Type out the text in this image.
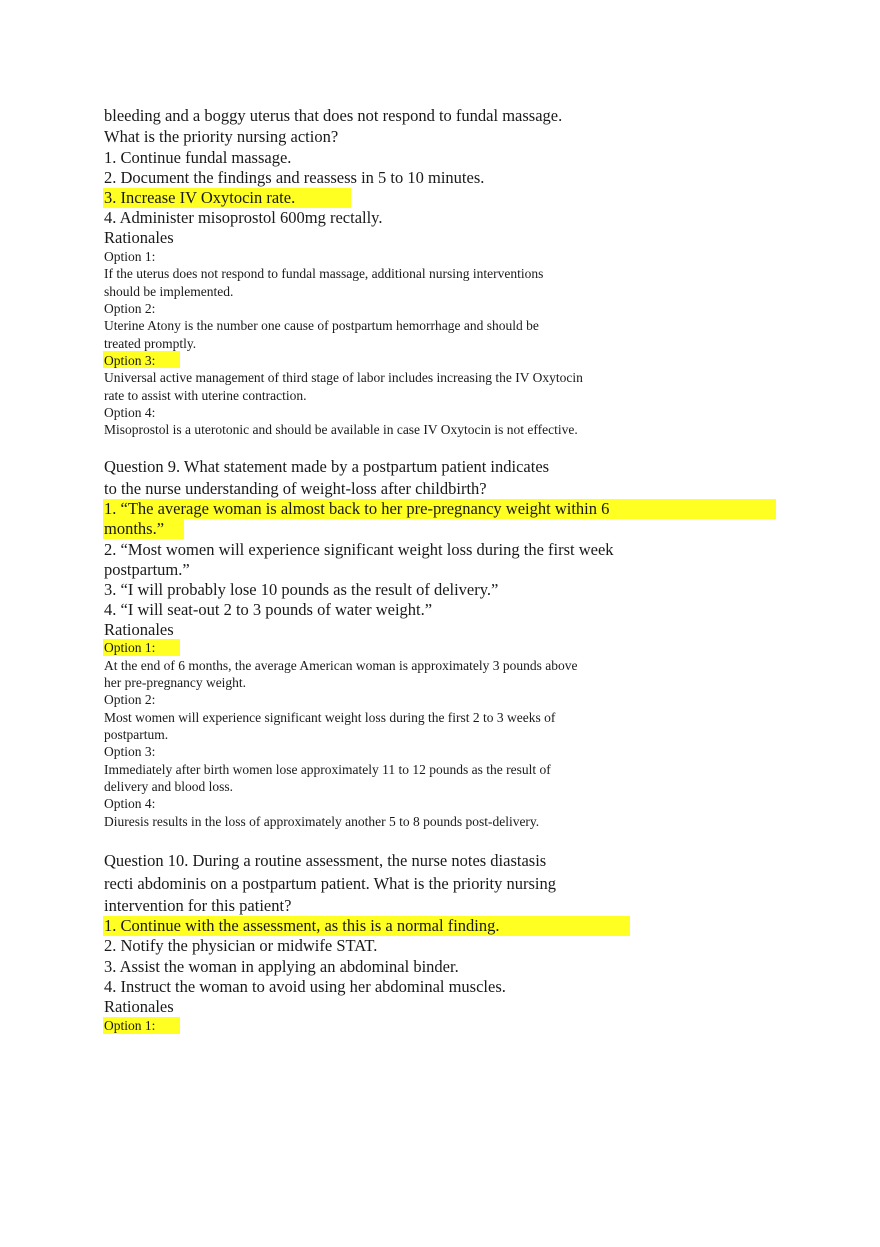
bleeding and a boggy uterus that does not respond to fundal massage.
What is the priority nursing action?
1. Continue fundal massage.
2. Document the findings and reassess in 5 to 10 minutes.
3. Increase IV Oxytocin rate.
4. Administer misoprostol 600mg rectally.
Rationales
Option 1:
If the uterus does not respond to fundal massage, additional nursing interventions
should be implemented.
Option 2:
Uterine Atony is the number one cause of postpartum hemorrhage and should be
treated promptly.
Option 3:
Universal active management of third stage of labor includes increasing the IV Oxytocin
rate to assist with uterine contraction.
Option 4:
Misoprostol is a uterotonic and should be available in case IV Oxytocin is not effective.
Question 9. What statement made by a postpartum patient indicates
to the nurse understanding of weight-loss after childbirth?
1. “The average woman is almost back to her pre-pregnancy weight within 6
months.”
2. “Most women will experience significant weight loss during the first week
postpartum.”
3. “I will probably lose 10 pounds as the result of delivery.”
4. “I will seat-out 2 to 3 pounds of water weight.”
Rationales
Option 1:
At the end of 6 months, the average American woman is approximately 3 pounds above
her pre-pregnancy weight.
Option 2:
Most women will experience significant weight loss during the first 2 to 3 weeks of
postpartum.
Option 3:
Immediately after birth women lose approximately 11 to 12 pounds as the result of
delivery and blood loss.
Option 4:
Diuresis results in the loss of approximately another 5 to 8 pounds post-delivery.
Question 10. During a routine assessment, the nurse notes diastasis
recti abdominis on a postpartum patient. What is the priority nursing
intervention for this patient?
1. Continue with the assessment, as this is a normal finding.
2. Notify the physician or midwife STAT.
3. Assist the woman in applying an abdominal binder.
4. Instruct the woman to avoid using her abdominal muscles.
Rationales
Option 1:
